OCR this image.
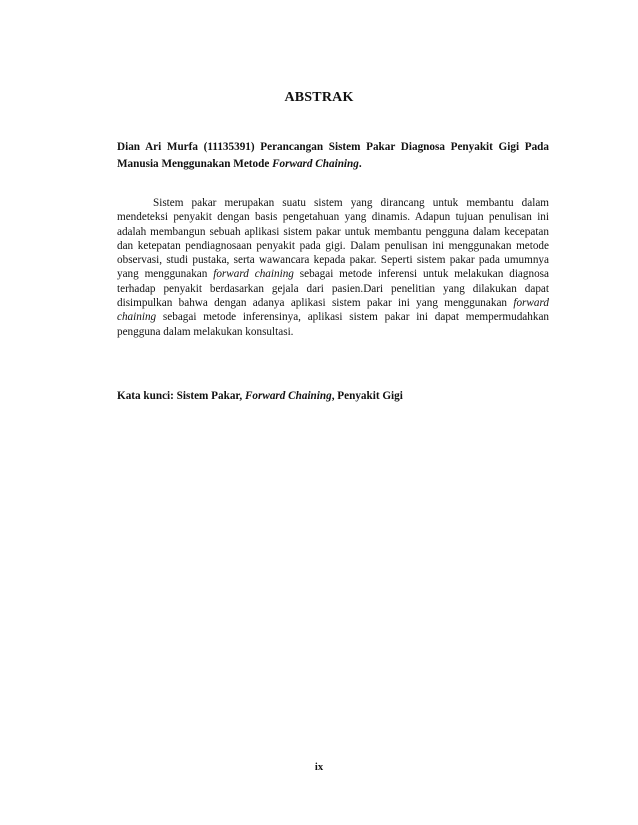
ABSTRAK
Dian Ari Murfa (11135391) Perancangan Sistem Pakar Diagnosa Penyakit Gigi Pada Manusia Menggunakan Metode Forward Chaining.
Sistem pakar merupakan suatu sistem yang dirancang untuk membantu dalam mendeteksi penyakit dengan basis pengetahuan yang dinamis. Adapun tujuan penulisan ini adalah membangun sebuah aplikasi sistem pakar untuk membantu pengguna dalam kecepatan dan ketepatan pendiagnosaan penyakit pada gigi. Dalam penulisan ini menggunakan metode observasi, studi pustaka, serta wawancara kepada pakar. Seperti sistem pakar pada umumnya yang menggunakan forward chaining sebagai metode inferensi untuk melakukan diagnosa terhadap penyakit berdasarkan gejala dari pasien.Dari penelitian yang dilakukan dapat disimpulkan bahwa dengan adanya aplikasi sistem pakar ini yang menggunakan forward chaining sebagai metode inferensinya, aplikasi sistem pakar ini dapat mempermudahkan pengguna dalam melakukan konsultasi.
Kata kunci: Sistem Pakar, Forward Chaining, Penyakit Gigi
ix
